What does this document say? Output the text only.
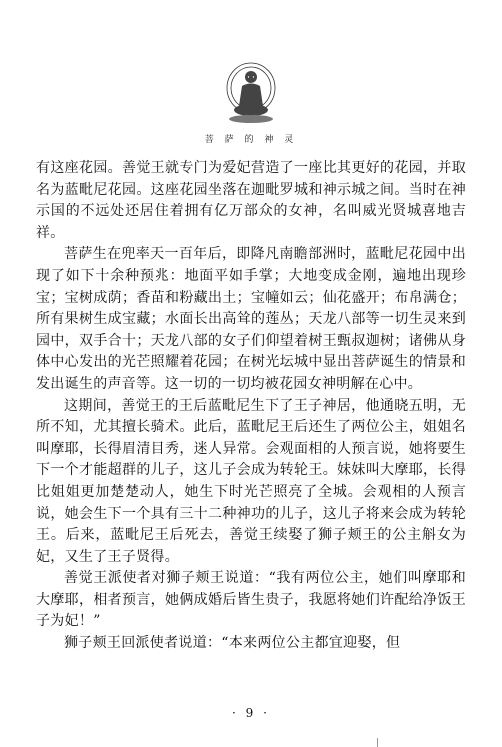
菩 萨 的 神 灵

有这座花园。善觉王就专门为爱妃营造了一座比其更好的花园，并取名为蓝毗尼花园。这座花园坐落在迦毗罗城和神示城之间。当时在神示国的不远处还居住着拥有亿万部众的女神，名叫威光贤城喜地吉祥。

菩萨生在兜率天一百年后，即降凡南瞻部洲时，蓝毗尼花园中出现了如下十余种预兆：地面平如手掌；大地变成金刚，遍地出现珍宝；宝树成荫；香苗和粉藏出土；宝幢如云；仙花盛开；布帛满仓；所有果树生成宝藏；水面长出高耸的莲丛；天龙八部等一切生灵来到园中，双手合十；天龙八部的女子们仰望着树王甄叔迦树；诸佛从身体中心发出的光芒照耀着花园；在树光坛城中显出菩萨诞生的情景和发出诞生的声音等。这一切的一切均被花园女神明解在心中。

这期间，善觉王的王后蓝毗尼生下了王子神居，他通晓五明，无所不知，尤其擅长骑术。此后，蓝毗尼王后还生了两位公主，姐姐名叫摩耶，长得眉清目秀，迷人异常。会观面相的人预言说，她将要生下一个才能超群的儿子，这儿子会成为转轮王。妹妹叫大摩耶，长得比姐姐更加楚楚动人，她生下时光芒照亮了全城。会观相的人预言说，她会生下一个具有三十二种神功的儿子，这儿子将来会成为转轮王。后来，蓝毗尼王后死去，善觉王续娶了狮子颊王的公主斛女为妃，又生了王子贤得。

善觉王派使者对狮子颊王说道：“我有两位公主，她们叫摩耶和大摩耶，相者预言，她俩成婚后皆生贵子，我愿将她们许配给净饭王子为妃！”

狮子颊王回派使者说道：“本来两位公主都宜迎娶，但

· 9 ·
